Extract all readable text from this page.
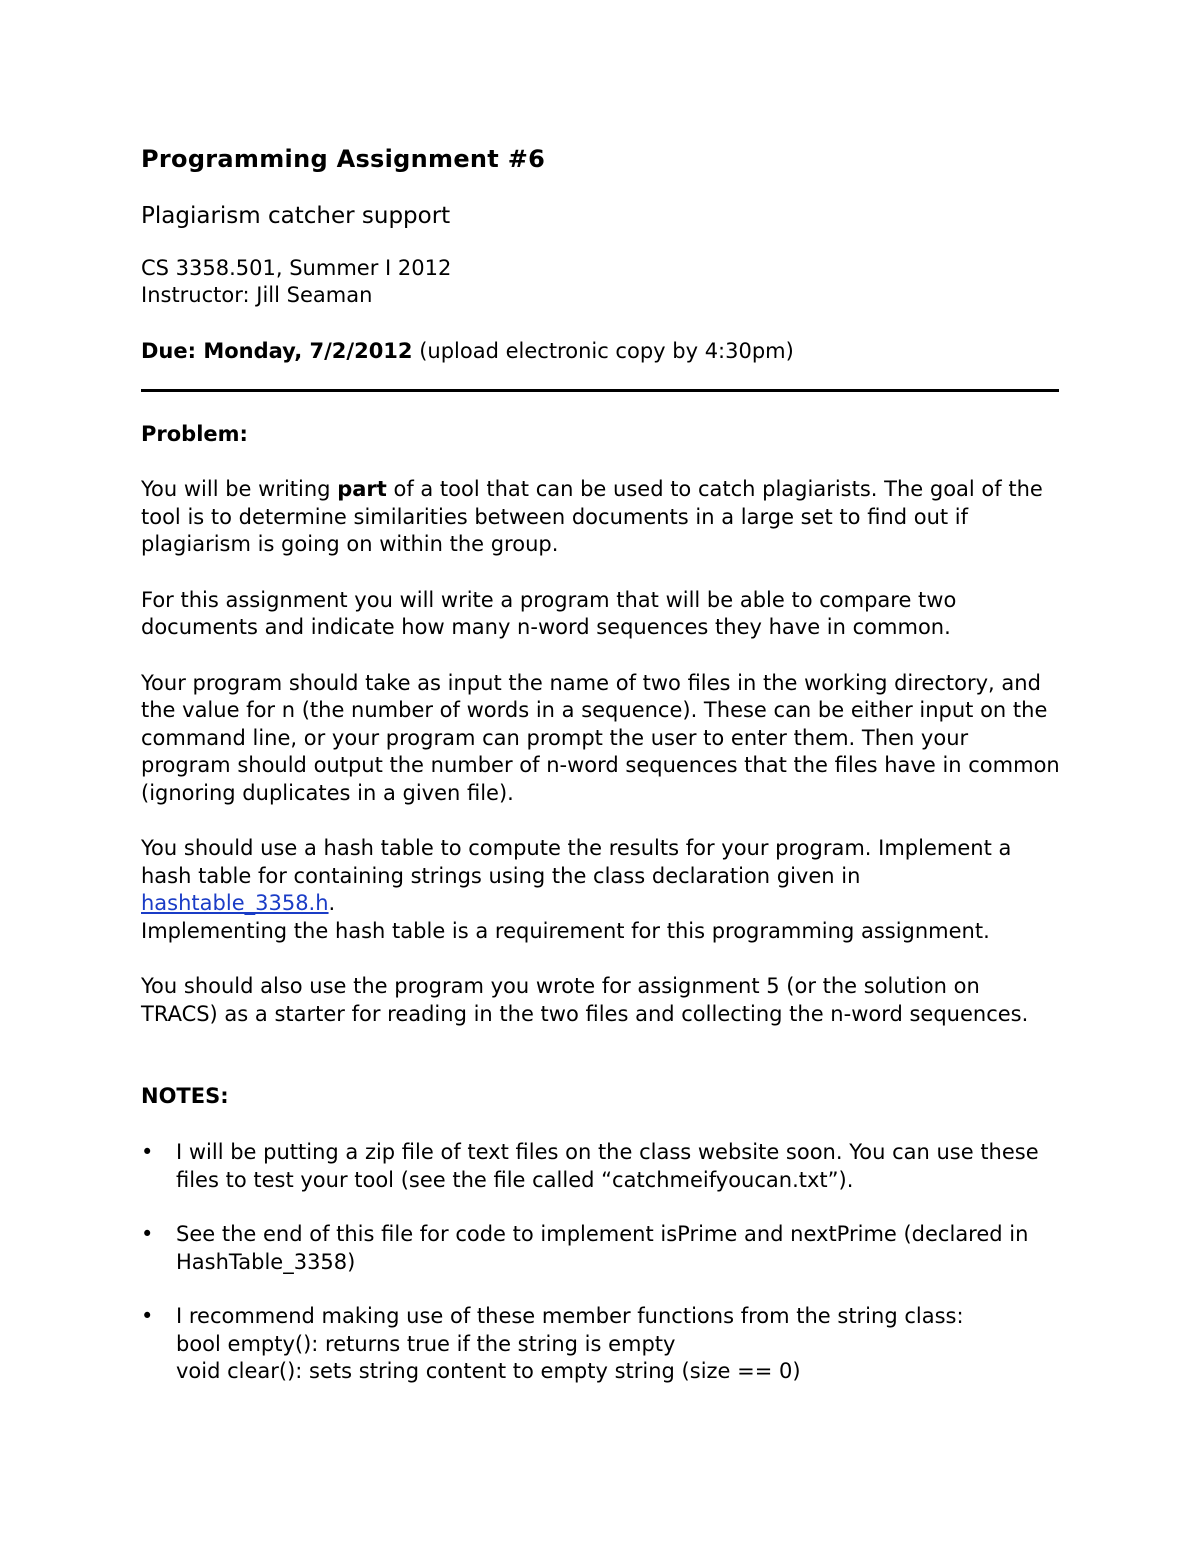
Programming Assignment #6
Plagiarism catcher support
CS 3358.501, Summer I 2012
Instructor: Jill Seaman
Due: Monday, 7/2/2012 (upload electronic copy by 4:30pm)
Problem:
You will be writing part of a tool that can be used to catch plagiarists. The goal of the
tool is to determine similarities between documents in a large set to find out if
plagiarism is going on within the group.
For this assignment you will write a program that will be able to compare two
documents and indicate how many n-word sequences they have in common.
Your program should take as input the name of two files in the working directory, and
the value for n (the number of words in a sequence). These can be either input on the
command line, or your program can prompt the user to enter them. Then your
program should output the number of n-word sequences that the files have in common
(ignoring duplicates in a given file).
You should use a hash table to compute the results for your program. Implement a
hash table for containing strings using the class declaration given in hashtable_3358.h.
Implementing the hash table is a requirement for this programming assignment.
You should also use the program you wrote for assignment 5 (or the solution on
TRACS) as a starter for reading in the two files and collecting the n-word sequences.
NOTES:
• I will be putting a zip file of text files on the class website soon. You can use these
files to test your tool (see the file called “catchmeifyoucan.txt”).
• See the end of this file for code to implement isPrime and nextPrime (declared in
HashTable_3358)
• I recommend making use of these member functions from the string class:
bool empty(): returns true if the string is empty
void clear(): sets string content to empty string (size == 0)
